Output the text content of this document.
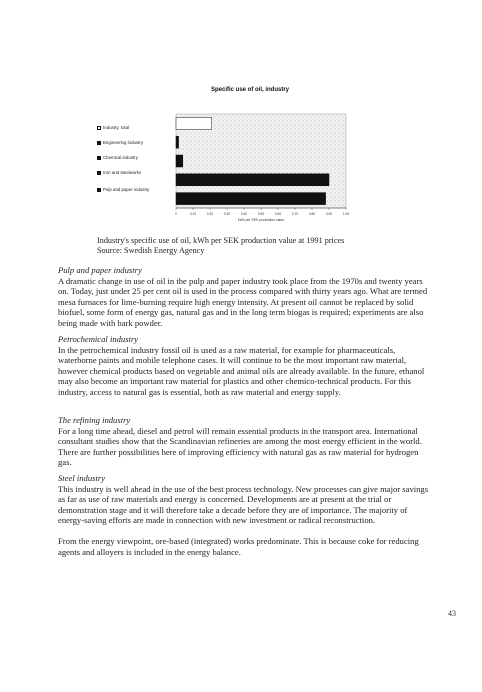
Specific use of oil, industry
Industry, total
Engineering industry
Chemical industry
Iron and steelworks
Pulp and paper industry
0	0.10	0.20	0.30	0.40	0.50	0.60	0.70	0.80	0.90	1.00
kWh per SEK production value
Industry's specific use of oil, kWh per SEK production value at 1991 prices
Source: Swedish Energy Agency
Pulp and paper industry

A dramatic change in use of oil in the pulp and paper industry took place from the 1970s and twenty years on. Today, just under 25 per cent oil is used in the process compared with thirty years ago. What are termed mesa furnaces for lime-burning require high energy intensity. At present oil cannot be replaced by solid biofuel, some form of energy gas, natural gas and in the long term biogas is required; experiments are also being made with bark powder.

Petrochemical industry

In the petrochemical industry fossil oil is used as a raw material, for example for pharmaceuticals, waterborne paints and mobile telephone cases. It will continue to be the most important raw material, however chemical products based on vegetable and animal oils are already available. In the future, ethanol may also become an important raw material for plastics and other chemico-technical products. For this industry, access to natural gas is essential, both as raw material and energy supply.

The refining industry

For a long time ahead, diesel and petrol will remain essential products in the transport area. International consultant studies show that the Scandinavian refineries are among the most energy efficient in the world. There are further possibilities here of improving efficiency with natural gas as raw material for hydrogen gas.

Steel industry

This industry is well ahead in the use of the best process technology. New processes can give major savings as far as use of raw materials and energy is concerned. Developments are at present at the trial or demonstration stage and it will therefore take a decade before they are of importance. The majority of energy-saving efforts are made in connection with new investment or radical reconstruction.

From the energy viewpoint, ore-based (integrated) works predominate. This is because coke for reducing agents and alloyers is included in the energy balance.

43
